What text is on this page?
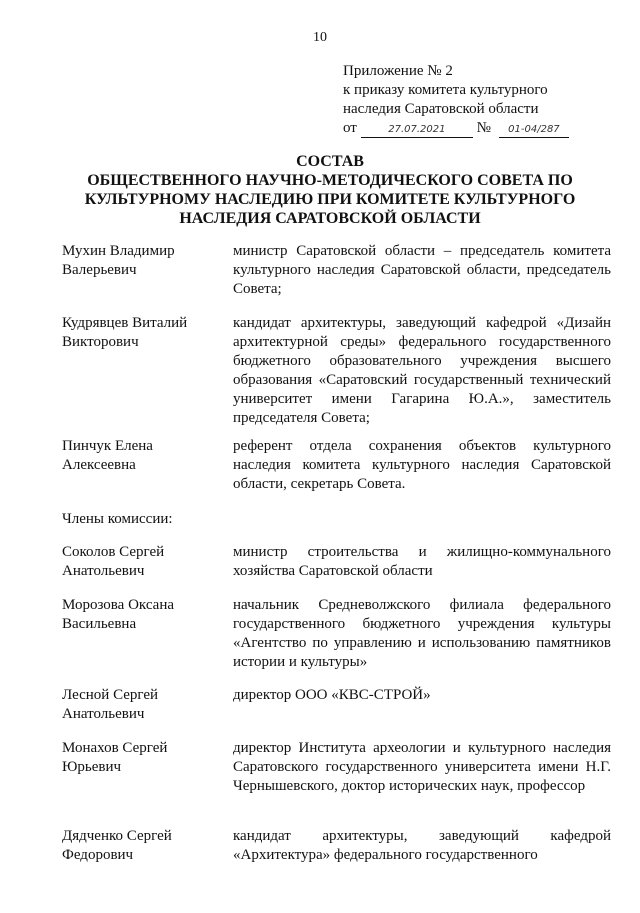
10
Приложение № 2
к приказу комитета культурного
наследия Саратовской области
от	27.07.2021 № 01-04/287
СОСТАВ
ОБЩЕСТВЕННОГО НАУЧНО-МЕТОДИЧЕСКОГО СОВЕТА ПО
КУЛЬТУРНОМУ НАСЛЕДИЮ ПРИ КОМИТЕТЕ КУЛЬТУРНОГО
НАСЛЕДИЯ САРАТОВСКОЙ ОБЛАСТИ
Мухин Владимир
Валерьевич
министр Саратовской области – председатель комитета культурного наследия Саратовской области, председатель Совета;
Кудрявцев Виталий
Викторович
кандидат архитектуры, заведующий кафедрой «Дизайн архитектурной среды» федерального государственного бюджетного образовательного учреждения высшего образования «Саратовский государственный технический университет имени Гагарина Ю.А.», заместитель председателя Совета;
Пинчук Елена
Алексеевна
референт отдела сохранения объектов культурного наследия комитета культурного наследия Саратовской области, секретарь Совета.
Члены комиссии:
Соколов Сергей
Анатольевич
министр строительства и жилищно-коммунального хозяйства Саратовской области
Морозова Оксана
Васильевна
начальник Средневолжского филиала федерального государственного бюджетного учреждения культуры «Агентство по управлению и использованию памятников истории и культуры»
Лесной Сергей
Анатольевич
директор ООО «КВС-СТРОЙ»
Монахов Сергей
Юрьевич
директор Института археологии и культурного наследия Саратовского государственного университета имени Н.Г. Чернышевского, доктор исторических наук, профессор
Дядченко Сергей
Федорович
кандидат архитектуры, заведующий кафедрой «Архитектура» федерального государственного
